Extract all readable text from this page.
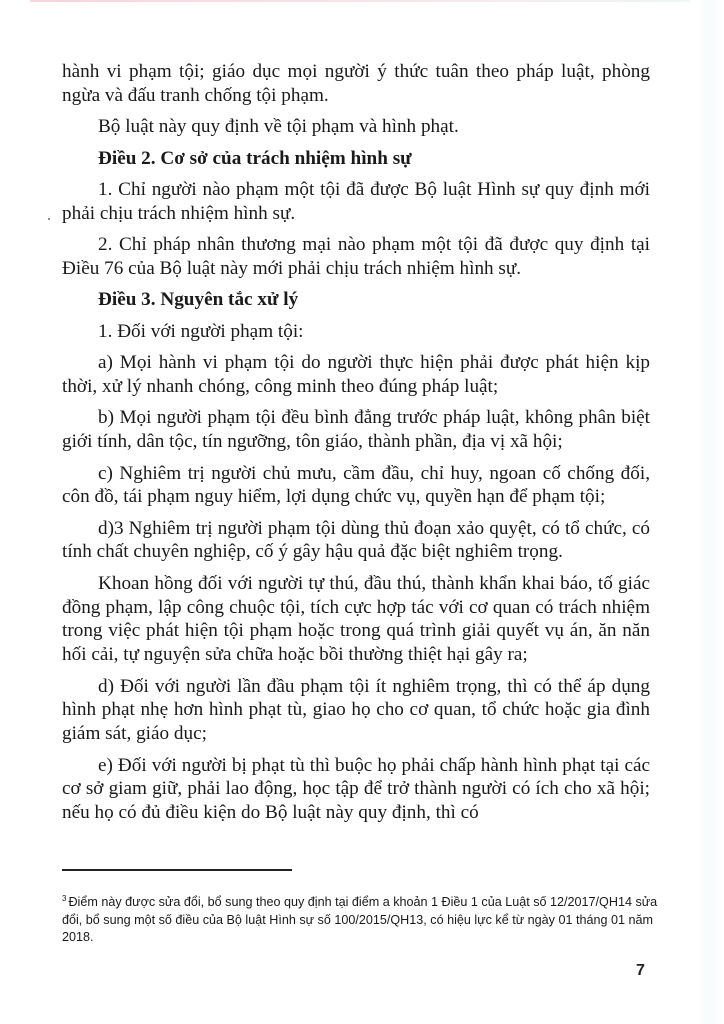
hành vi phạm tội; giáo dục mọi người ý thức tuân theo pháp luật, phòng ngừa và đấu tranh chống tội phạm.

Bộ luật này quy định về tội phạm và hình phạt.

Điều 2. Cơ sở của trách nhiệm hình sự

1. Chỉ người nào phạm một tội đã được Bộ luật Hình sự quy định mới phải chịu trách nhiệm hình sự.

2. Chỉ pháp nhân thương mại nào phạm một tội đã được quy định tại Điều 76 của Bộ luật này mới phải chịu trách nhiệm hình sự.

Điều 3. Nguyên tắc xử lý

1. Đối với người phạm tội:

a) Mọi hành vi phạm tội do người thực hiện phải được phát hiện kịp thời, xử lý nhanh chóng, công minh theo đúng pháp luật;

b) Mọi người phạm tội đều bình đẳng trước pháp luật, không phân biệt giới tính, dân tộc, tín ngưỡng, tôn giáo, thành phần, địa vị xã hội;

c) Nghiêm trị người chủ mưu, cầm đầu, chỉ huy, ngoan cố chống đối, côn đồ, tái phạm nguy hiểm, lợi dụng chức vụ, quyền hạn để phạm tội;

d)3 Nghiêm trị người phạm tội dùng thủ đoạn xảo quyệt, có tổ chức, có tính chất chuyên nghiệp, cố ý gây hậu quả đặc biệt nghiêm trọng.

Khoan hồng đối với người tự thú, đầu thú, thành khẩn khai báo, tố giác đồng phạm, lập công chuộc tội, tích cực hợp tác với cơ quan có trách nhiệm trong việc phát hiện tội phạm hoặc trong quá trình giải quyết vụ án, ăn năn hối cải, tự nguyện sửa chữa hoặc bồi thường thiệt hại gây ra;

d) Đối với người lần đầu phạm tội ít nghiêm trọng, thì có thể áp dụng hình phạt nhẹ hơn hình phạt tù, giao họ cho cơ quan, tổ chức hoặc gia đình giám sát, giáo dục;

e) Đối với người bị phạt tù thì buộc họ phải chấp hành hình phạt tại các cơ sở giam giữ, phải lao động, học tập để trở thành người có ích cho xã hội; nếu họ có đủ điều kiện do Bộ luật này quy định, thì có

$^3$ Điểm này được sửa đổi, bổ sung theo quy định tại điểm a khoản 1 Điều 1 của Luật số 12/2017/QH14 sửa đổi, bổ sung một số điều của Bộ luật Hình sự số 100/2015/QH13, có hiệu lực kể từ ngày 01 tháng 01 năm 2018.
7
